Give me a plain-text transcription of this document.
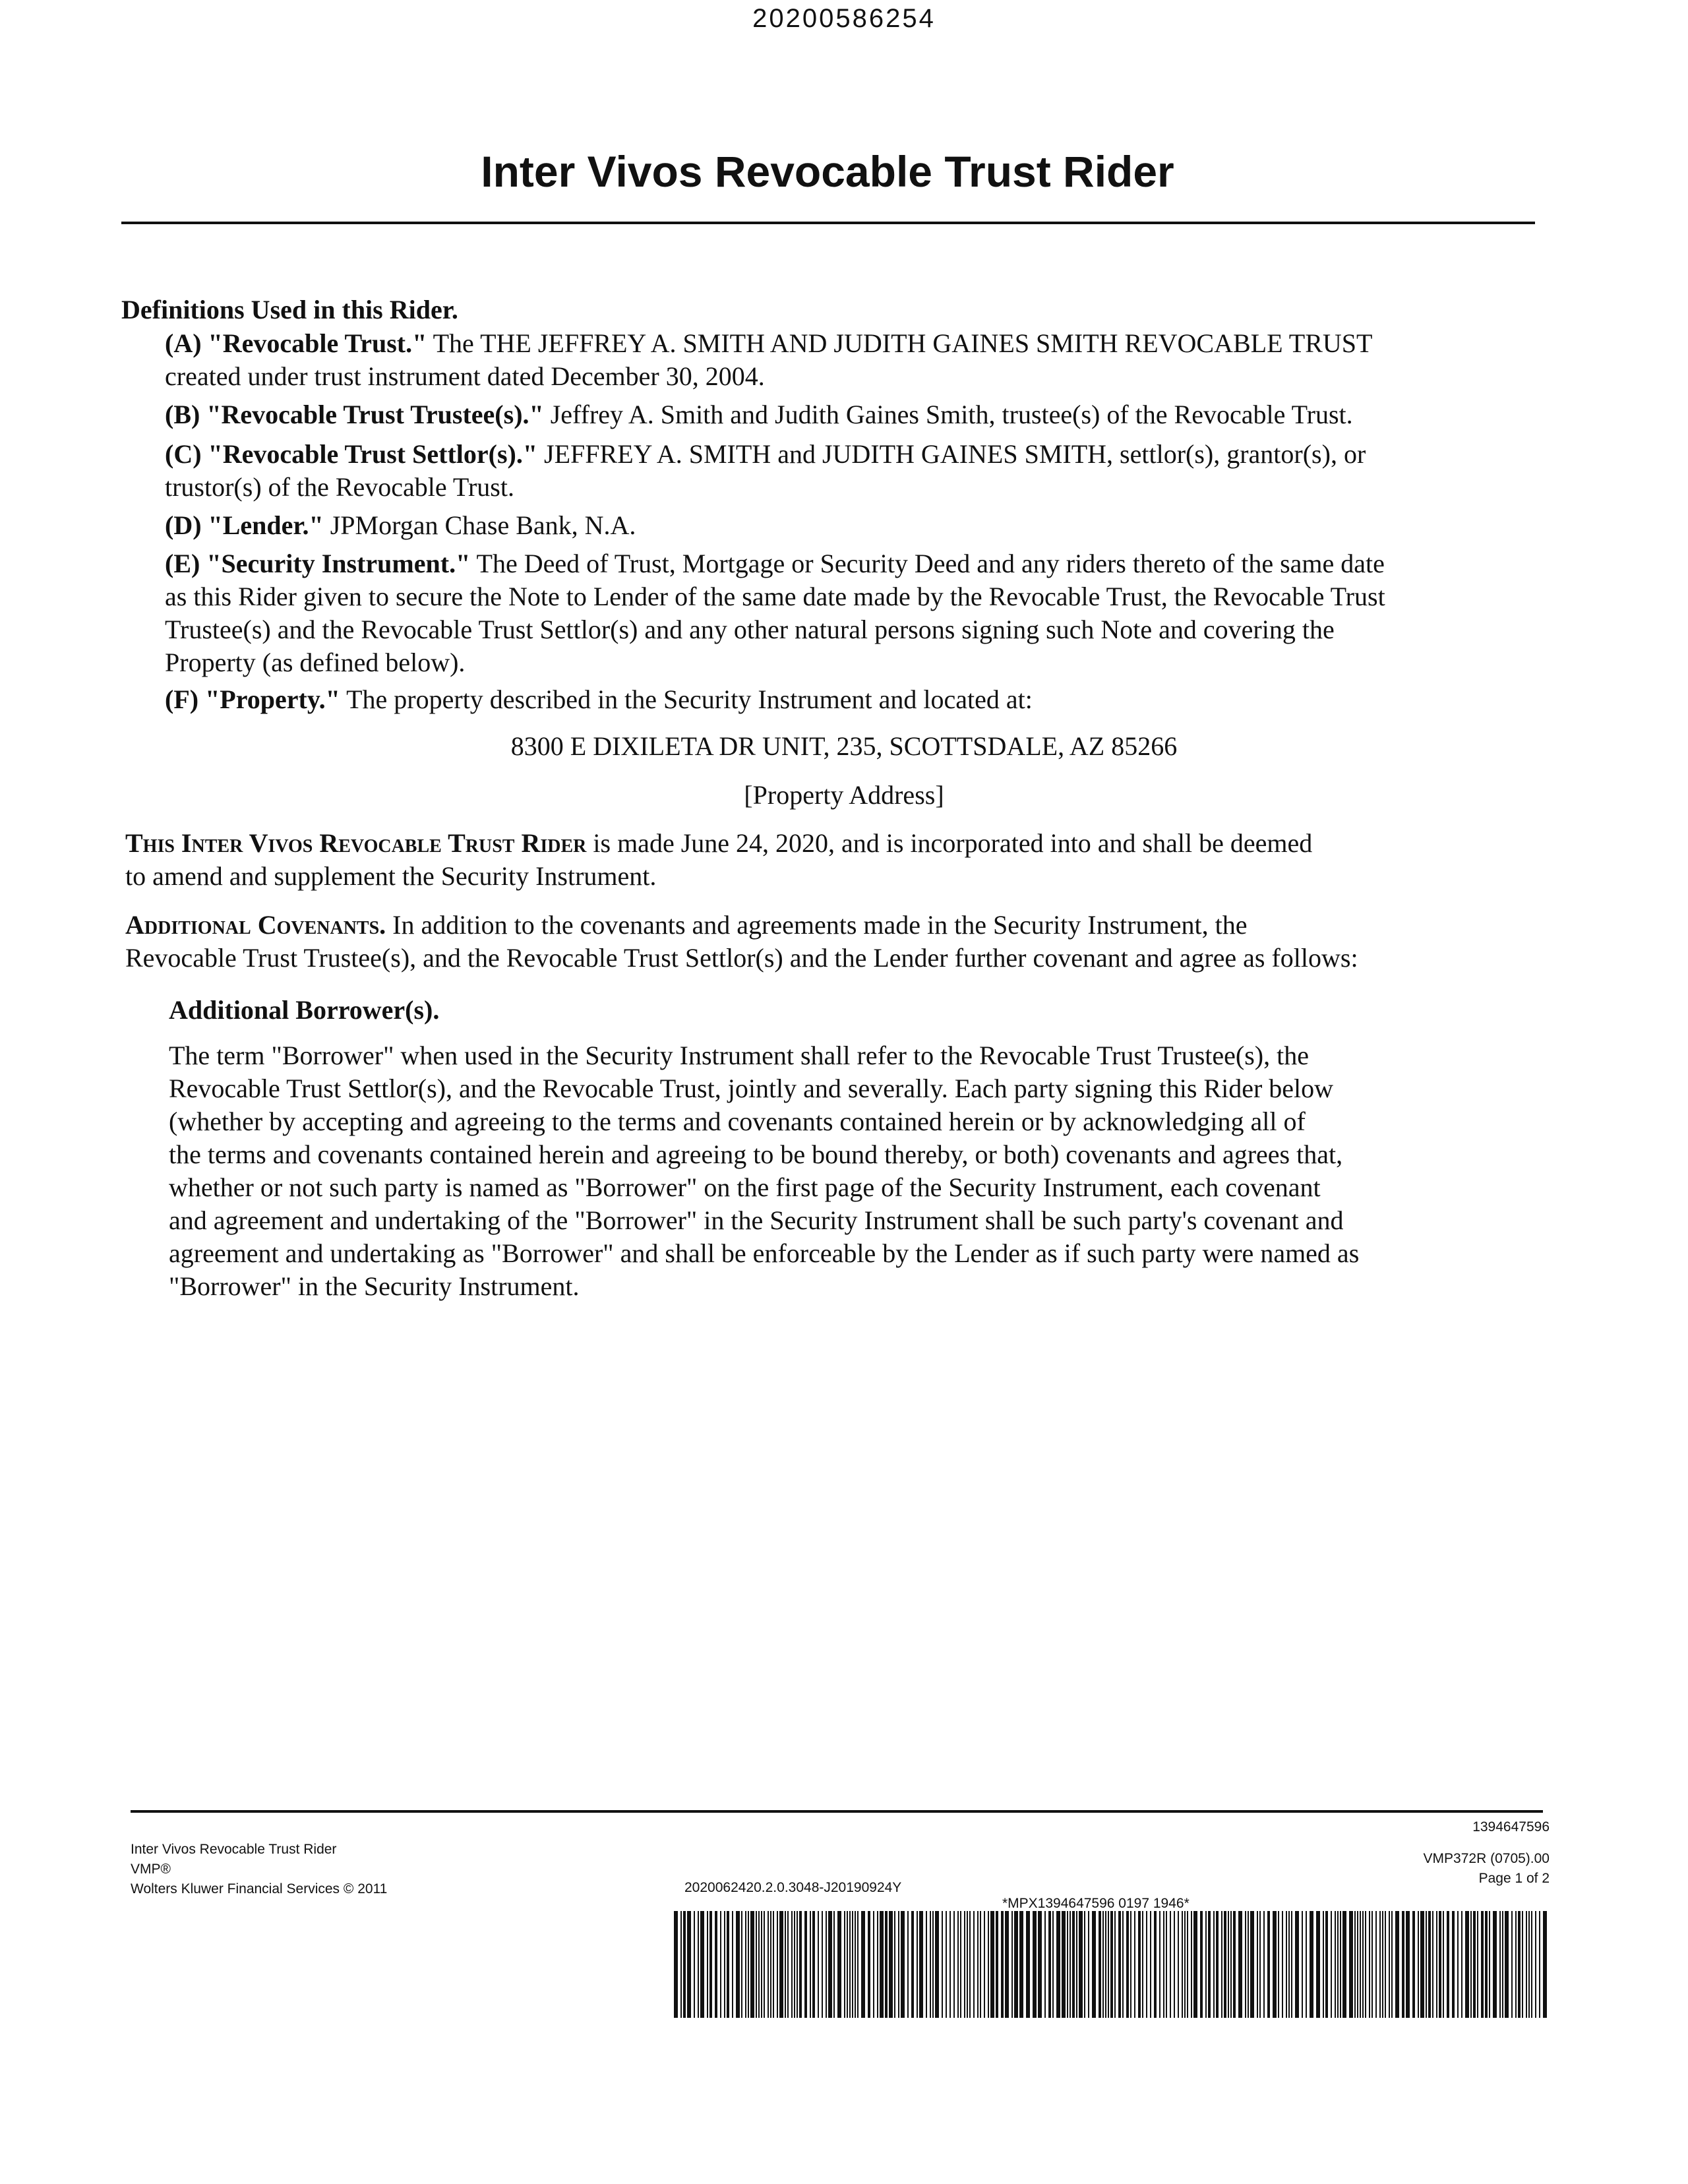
20200586254
Inter Vivos Revocable Trust Rider
Definitions Used in this Rider.
(A) "Revocable Trust." The THE JEFFREY A. SMITH AND JUDITH GAINES SMITH REVOCABLE TRUST
created under trust instrument dated December 30, 2004.
(B) "Revocable Trust Trustee(s)." Jeffrey A. Smith and Judith Gaines Smith, trustee(s) of the Revocable Trust.
(C) "Revocable Trust Settlor(s)." JEFFREY A. SMITH and JUDITH GAINES SMITH, settlor(s), grantor(s), or
trustor(s) of the Revocable Trust.
(D) "Lender." JPMorgan Chase Bank, N.A.
(E) "Security Instrument." The Deed of Trust, Mortgage or Security Deed and any riders thereto of the same date
as this Rider given to secure the Note to Lender of the same date made by the Revocable Trust, the Revocable Trust
Trustee(s) and the Revocable Trust Settlor(s) and any other natural persons signing such Note and covering the
Property (as defined below).
(F) "Property." The property described in the Security Instrument and located at:
8300 E DIXILETA DR UNIT, 235, SCOTTSDALE, AZ 85266
[Property Address]
This Inter Vivos Revocable Trust Rider is made June 24, 2020, and is incorporated into and shall be deemed
to amend and supplement the Security Instrument.
Additional Covenants. In addition to the covenants and agreements made in the Security Instrument, the
Revocable Trust Trustee(s), and the Revocable Trust Settlor(s) and the Lender further covenant and agree as follows:
Additional Borrower(s).
The term "Borrower" when used in the Security Instrument shall refer to the Revocable Trust Trustee(s), the
Revocable Trust Settlor(s), and the Revocable Trust, jointly and severally. Each party signing this Rider below
(whether by accepting and agreeing to the terms and covenants contained herein or by acknowledging all of
the terms and covenants contained herein and agreeing to be bound thereby, or both) covenants and agrees that,
whether or not such party is named as "Borrower" on the first page of the Security Instrument, each covenant
and agreement and undertaking of the "Borrower" in the Security Instrument shall be such party's covenant and
agreement and undertaking as "Borrower" and shall be enforceable by the Lender as if such party were named as
"Borrower" in the Security Instrument.
1394647596
Inter Vivos Revocable Trust Rider
VMP®
Wolters Kluwer Financial Services © 2011	2020062420.2.0.3048-J20190924Y
VMP372R (0705).00
Page 1 of 2
*MPX1394647596 0197 1946*
